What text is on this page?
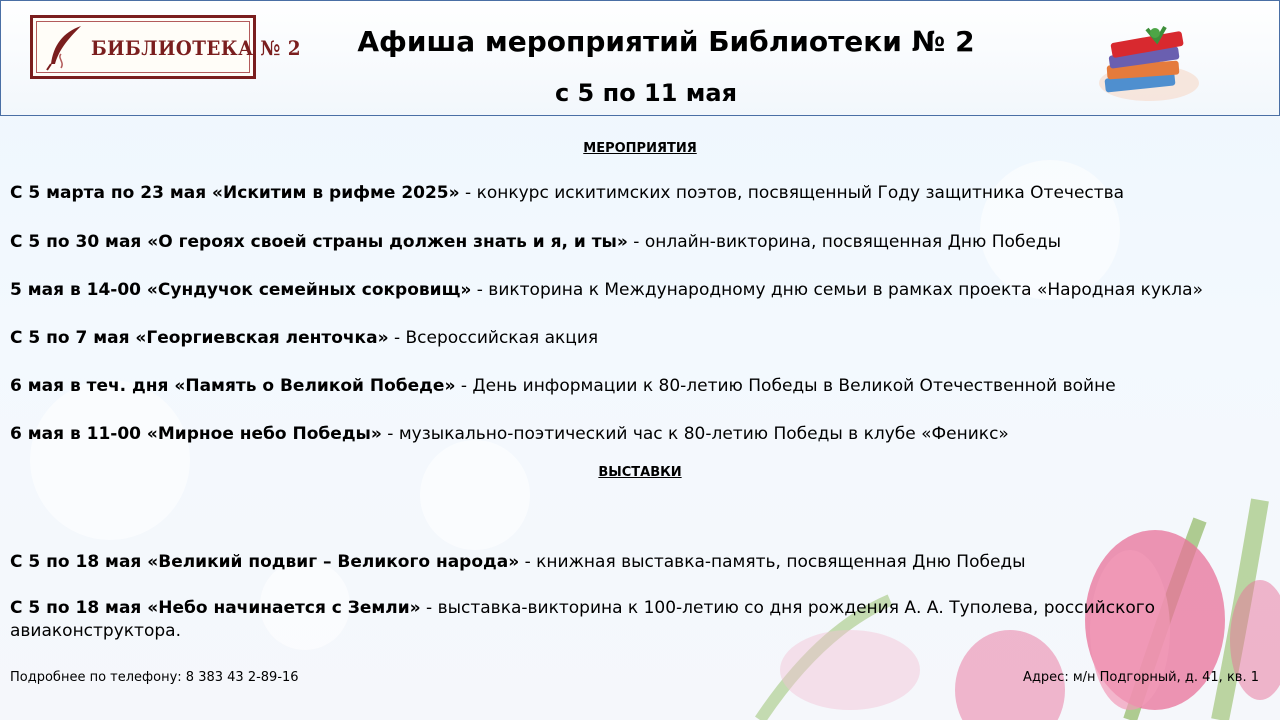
БИБЛИОТЕКА № 2	Афиша мероприятий Библиотеки № 2
с 5 по 11 мая
МЕРОПРИЯТИЯ
С 5 марта по 23 мая «Искитим в рифме 2025» - конкурс искитимских поэтов, посвященный Году защитника Отечества
С 5 по 30 мая «О героях своей страны должен знать и я, и ты» - онлайн-викторина, посвященная Дню Победы
5 мая в 14-00 «Сундучок семейных сокровищ» - викторина к Международному дню семьи в рамках проекта «Народная кукла»
С 5 по 7 мая «Георгиевская ленточка» - Всероссийская акция
6 мая в теч. дня «Память о Великой Победе» - День информации к 80-летию Победы в Великой Отечественной войне
6 мая в 11-00 «Мирное небо Победы» - музыкально-поэтический час к 80-летию Победы в клубе «Феникс»
ВЫСТАВКИ
С 5 по 18 мая «Великий подвиг – Великого народа» - книжная выставка-память, посвященная Дню Победы
С 5 по 18 мая «Небо начинается с Земли» - выставка-викторина к 100-летию со дня рождения А. А. Туполева, российского авиаконструктора.
Подробнее по телефону: 8 383 43 2-89-16	Адрес: м/н Подгорный, д. 41, кв. 1
